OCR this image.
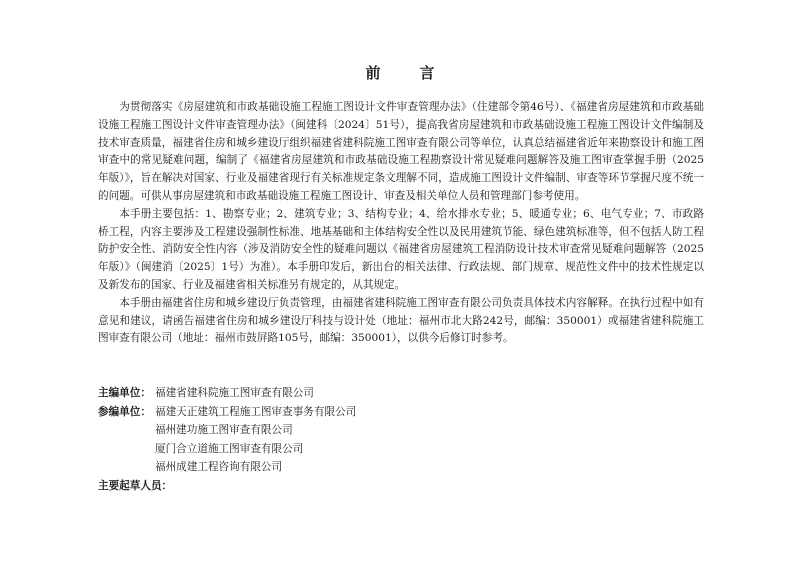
前　言

为贯彻落实《房屋建筑和市政基础设施工程施工图设计文件审查管理办法》（住建部令第46号）、《福建省房屋建筑和市政基础设施工程施工图设计文件审查管理办法》（闽建科〔2024〕51号），提高我省房屋建筑和市政基础设施工程施工图设计文件编制及技术审查质量，福建省住房和城乡建设厅组织福建省建科院施工图审查有限公司等单位，认真总结福建省近年来勘察设计和施工图审查中的常见疑难问题，编制了《福建省房屋建筑和市政基础设施工程勘察设计常见疑难问题解答及施工图审查掌握手册（2025年版）》，旨在解决对国家、行业及福建省现行有关标准规定条文理解不同，造成施工图设计文件编制、审查等环节掌握尺度不统一的问题。可供从事房屋建筑和市政基础设施工程施工图设计、审查及相关单位人员和管理部门参考使用。

本手册主要包括：1、勘察专业；2、建筑专业；3、结构专业；4、给水排水专业；5、暖通专业；6、电气专业；7、市政路桥工程，内容主要涉及工程建设强制性标准、地基基础和主体结构安全性以及民用建筑节能、绿色建筑标准等，但不包括人防工程防护安全性、消防安全性内容（涉及消防安全性的疑难问题以《福建省房屋建筑工程消防设计技术审查常见疑难问题解答（2025年版）》（闽建消〔2025〕1号）为准）。本手册印发后，新出台的相关法律、行政法规、部门规章、规范性文件中的技术性规定以及新发布的国家、行业及福建省相关标准另有规定的，从其规定。

本手册由福建省住房和城乡建设厅负责管理，由福建省建科院施工图审查有限公司负责具体技术内容解释。在执行过程中如有意见和建议，请函告福建省住房和城乡建设厅科技与设计处（地址：福州市北大路242号，邮编：350001）或福建省建科院施工图审查有限公司（地址：福州市鼓屏路105号，邮编：350001），以供今后修订时参考。

主编单位： 福建省建科院施工图审查有限公司
参编单位： 福建天正建筑工程施工图审查事务有限公司
福州建功施工图审查有限公司
厦门合立道施工图审查有限公司
福州成建工程咨询有限公司
主要起草人员：
